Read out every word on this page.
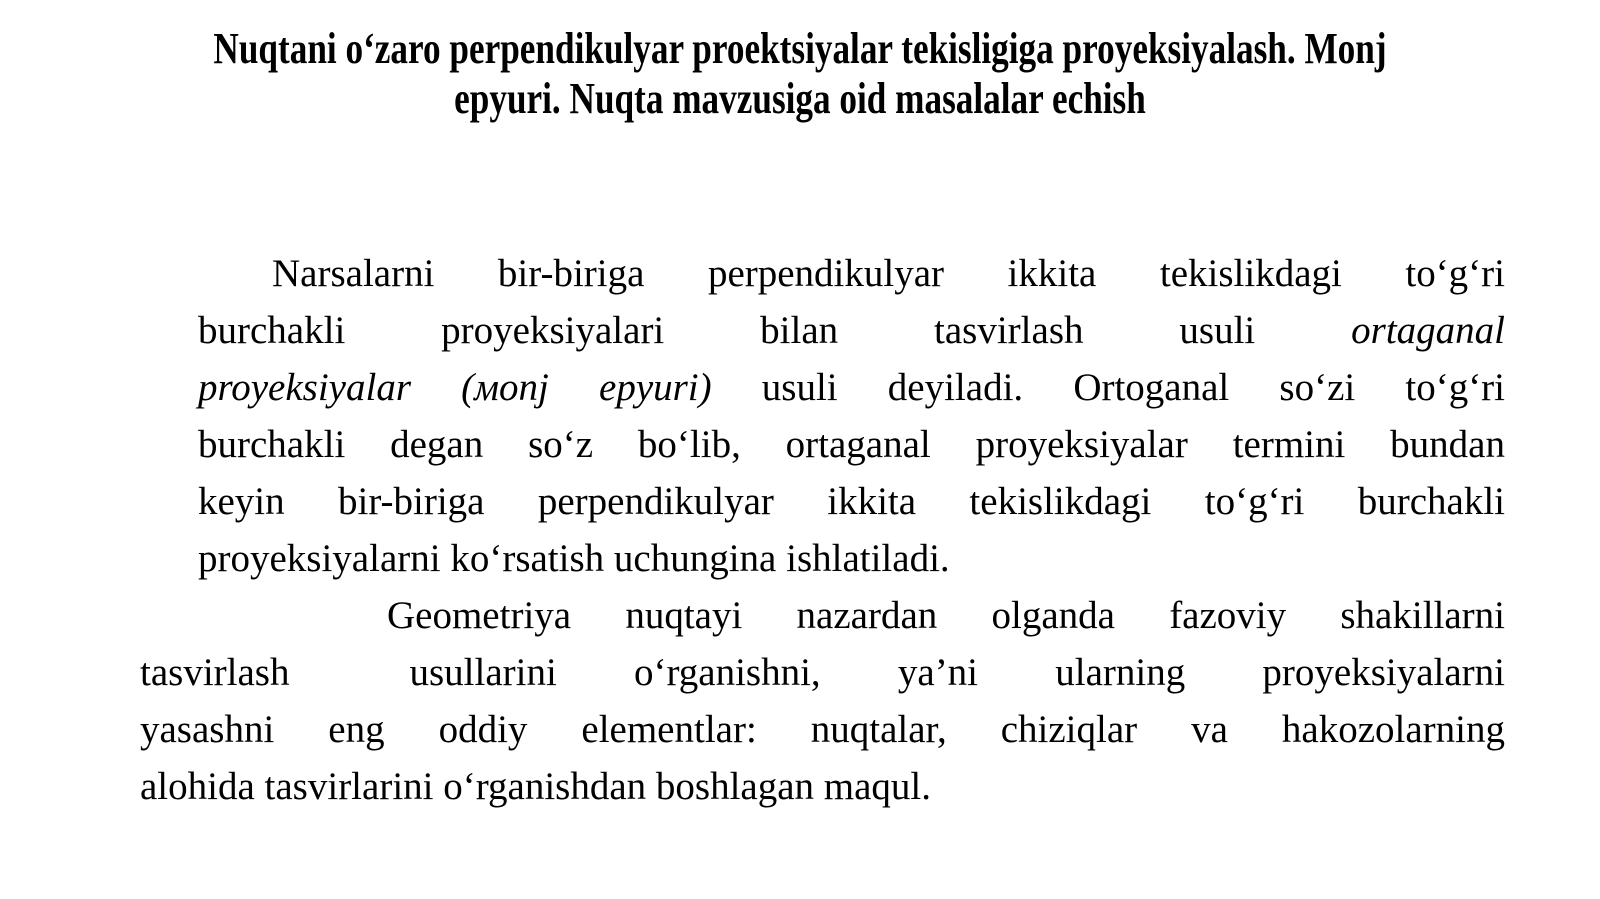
Nuqtani o‘zaro perpendikulyar proektsiyalar tekisligiga proyeksiyalash. Monj
epyuri. Nuqta mavzusiga oid masalalar echish
Narsalarni bir-biriga perpendikulyar ikkita tekislikdagi to‘g‘ri
burchakli proyeksiyalari bilan tasvirlash usuli ortaganal
proyeksiyalar (мonj epyuri) usuli deyiladi. Ortoganal so‘zi to‘g‘ri
burchakli degan so‘z bo‘lib, ortaganal proyeksiyalar termini bundan
keyin bir-biriga perpendikulyar ikkita tekislikdagi to‘g‘ri burchakli
proyeksiyalarni ko‘rsatish uchungina ishlatiladi.
Geometriya nuqtayi nazardan olganda fazoviy shakillarni
tasvirlash	usullarini o‘rganishni, ya’ni ularning proyeksiyalarni
yasashni eng oddiy elementlar: nuqtalar, chiziqlar va hakozolarning
alohida tasvirlarini o‘rganishdan boshlagan maqul.
